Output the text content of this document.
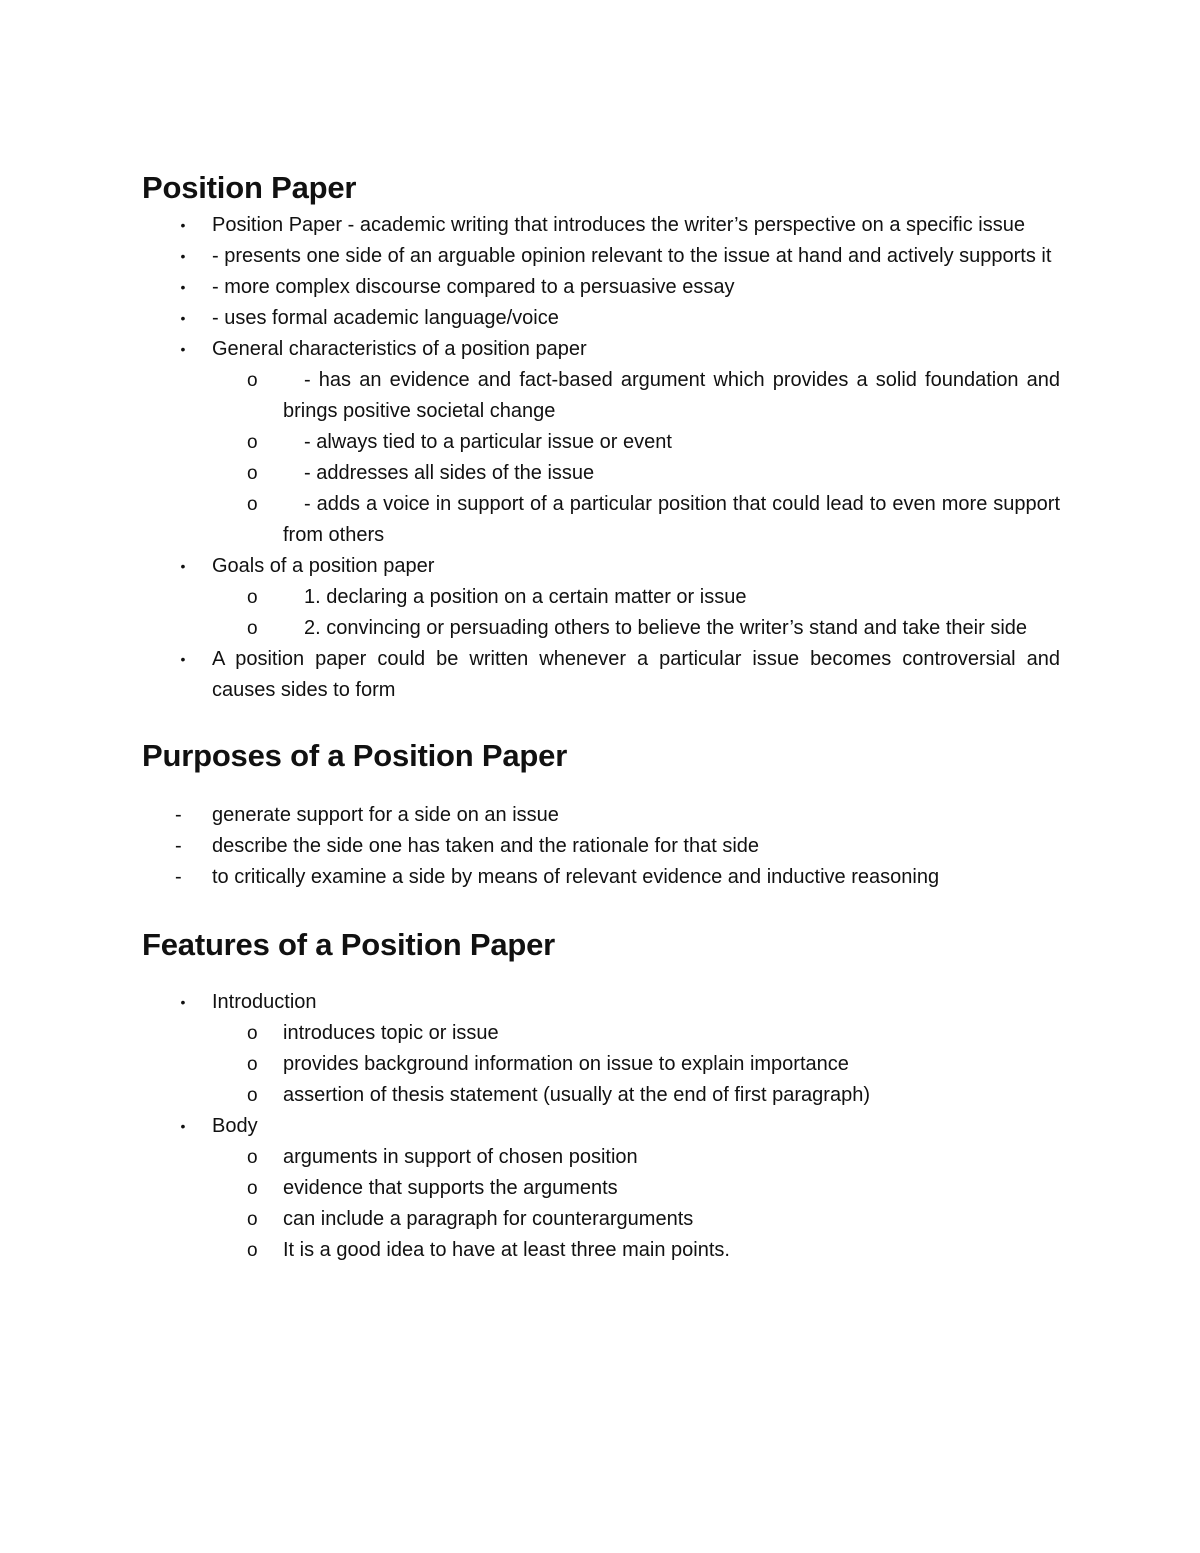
Position Paper
•	Position Paper - academic writing that introduces the writer’s perspective on a specific issue
•	- presents one side of an arguable opinion relevant to the issue at hand and actively supports it
•	- more complex discourse compared to a persuasive essay
•	- uses formal academic language/voice
•	General characteristics of a position paper
o - has an evidence and fact-based argument which provides a solid foundation and brings positive societal change
o - always tied to a particular issue or event
o - addresses all sides of the issue
o - adds a voice in support of a particular position that could lead to even more support from others
•	Goals of a position paper
o 1. declaring a position on a certain matter or issue
o 2. convincing or persuading others to believe the writer’s stand and take their side
•	A position paper could be written whenever a particular issue becomes controversial and causes sides to form
Purposes of a Position Paper
-	generate support for a side on an issue
-	describe the side one has taken and the rationale for that side
-	to critically examine a side by means of relevant evidence and inductive reasoning
Features of a Position Paper
•	Introduction
o introduces topic or issue
o provides background information on issue to explain importance
o assertion of thesis statement (usually at the end of first paragraph)
•	Body
o arguments in support of chosen position
o evidence that supports the arguments
o can include a paragraph for counterarguments
o It is a good idea to have at least three main points.
